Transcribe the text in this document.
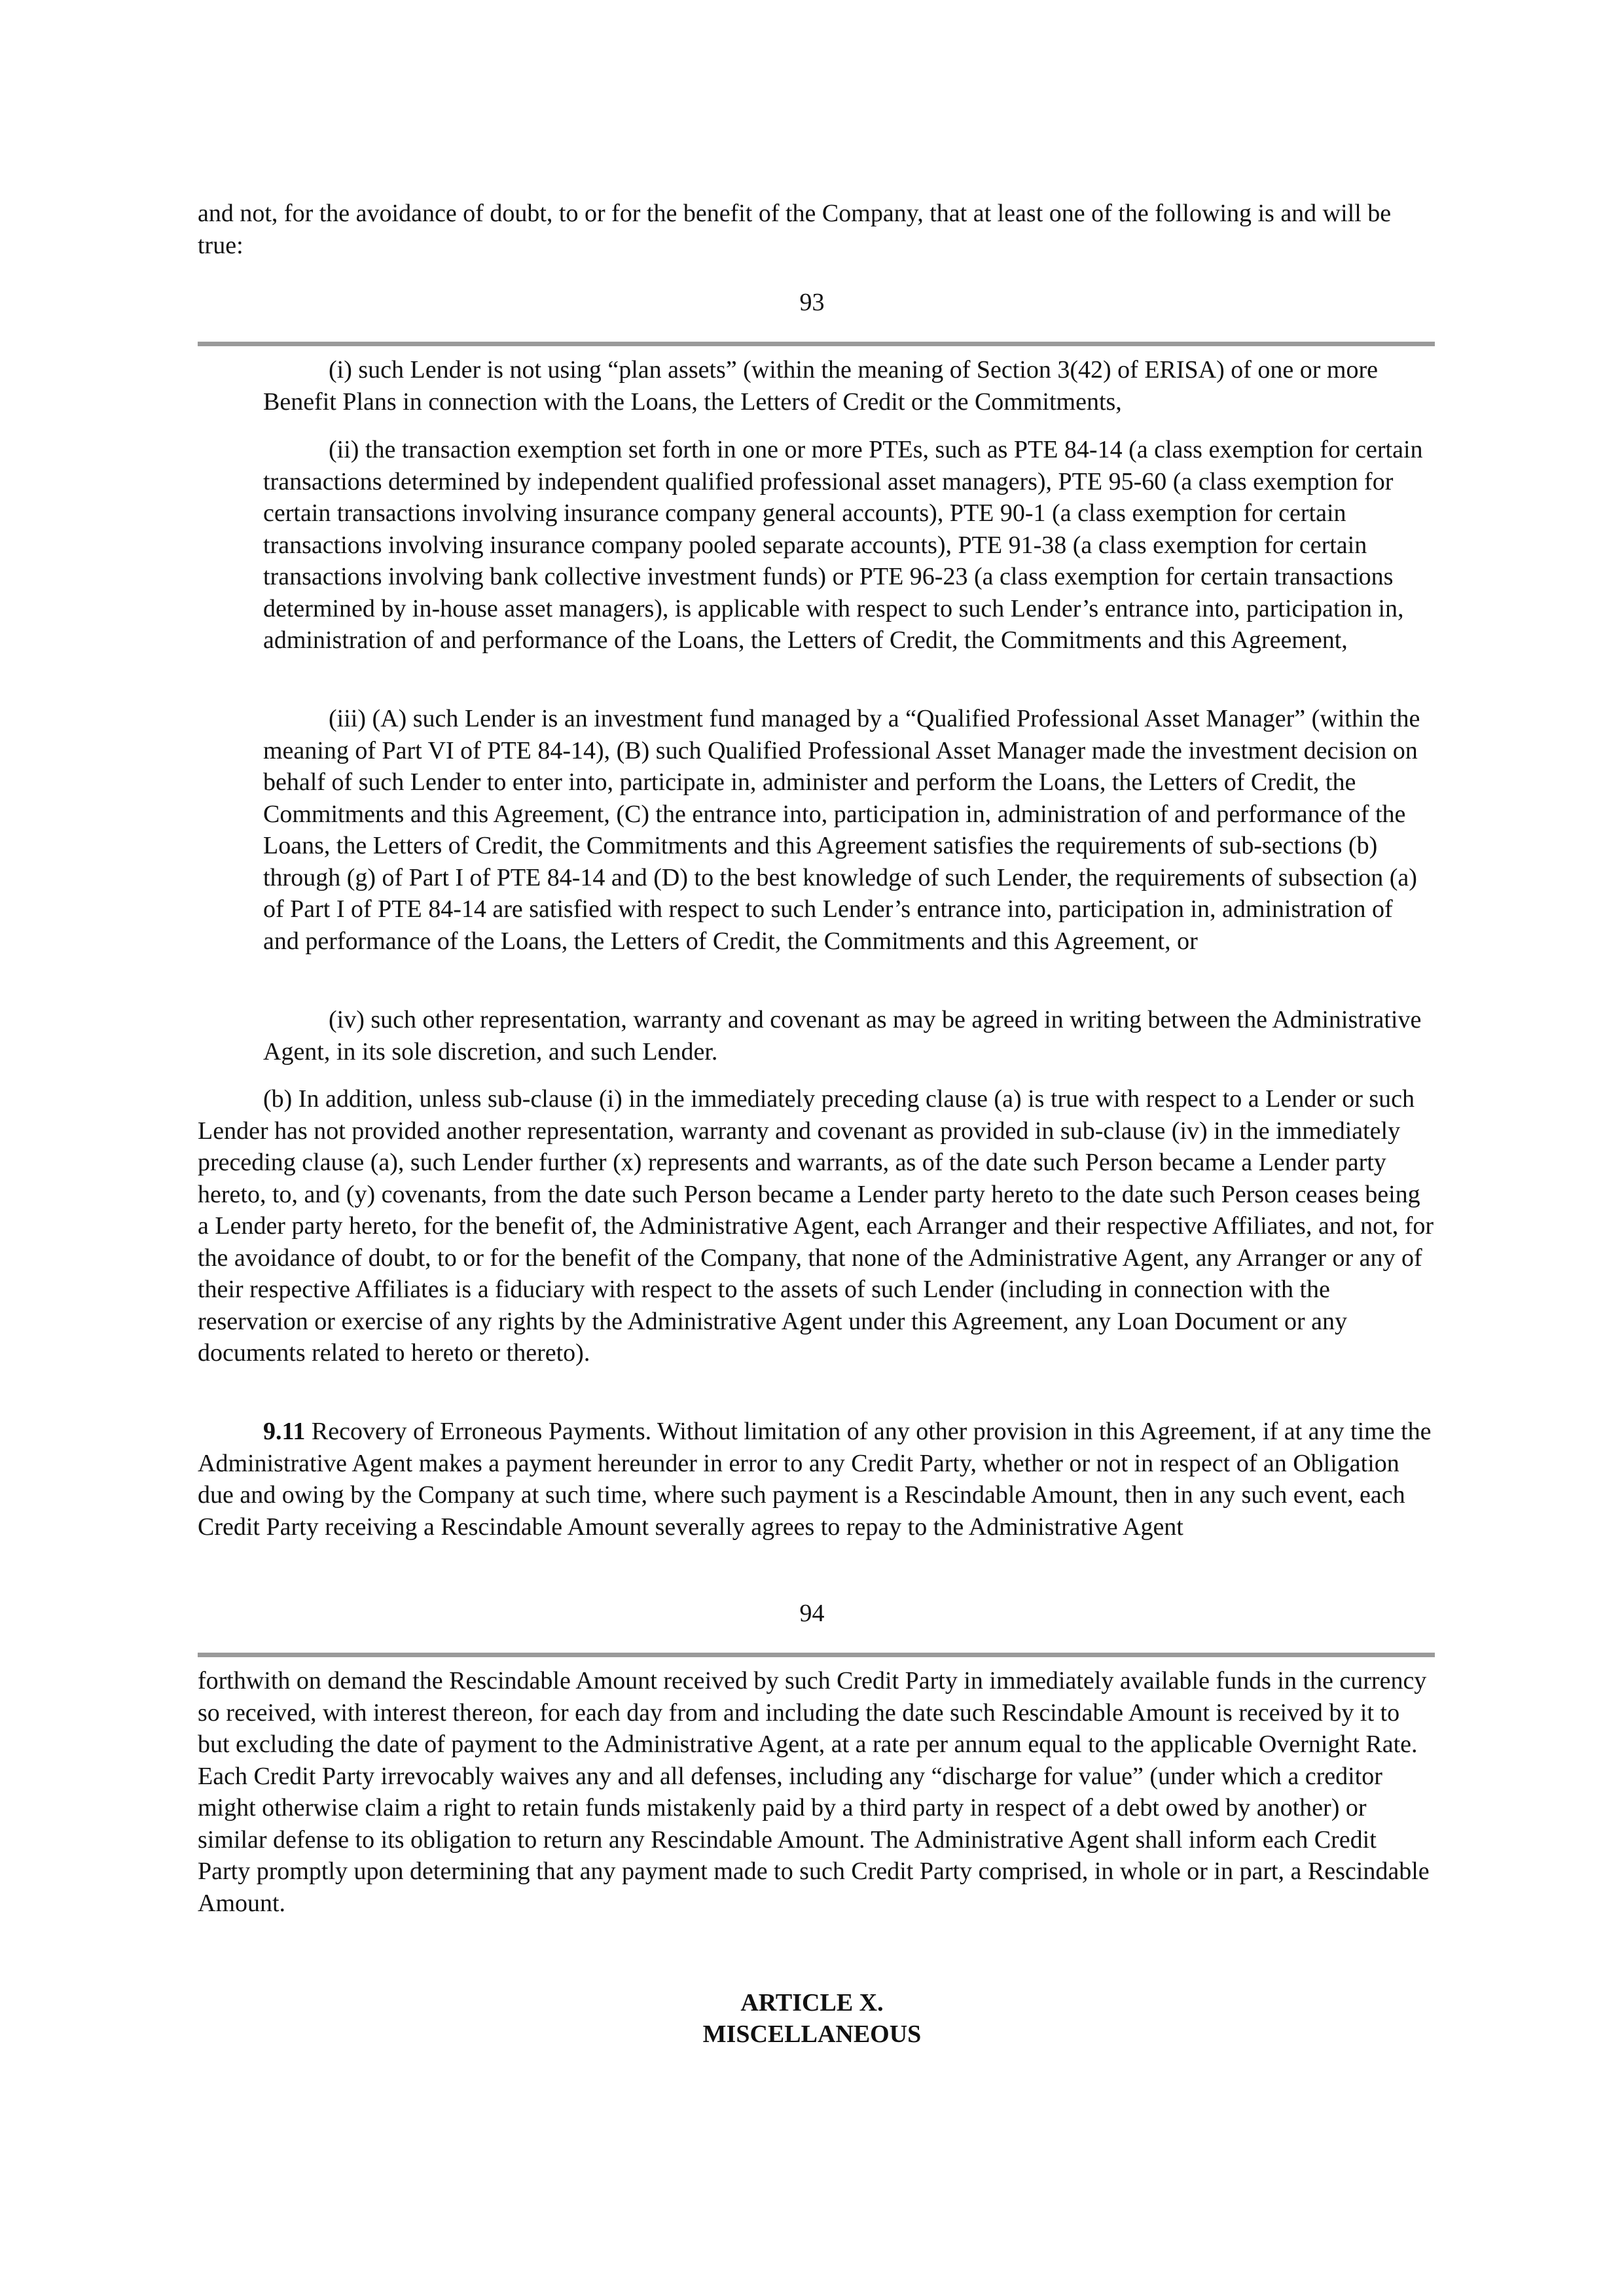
and not, for the avoidance of doubt, to or for the benefit of the Company, that at least one of the following is and will be true:

93

(i) such Lender is not using “plan assets” (within the meaning of Section 3(42) of ERISA) of one or more Benefit Plans in connection with the Loans, the Letters of Credit or the Commitments,

(ii) the transaction exemption set forth in one or more PTEs, such as PTE 84-14 (a class exemption for certain transactions determined by independent qualified professional asset managers), PTE 95-60 (a class exemption for certain transactions involving insurance company general accounts), PTE 90-1 (a class exemption for certain transactions involving insurance company pooled separate accounts), PTE 91-38 (a class exemption for certain transactions involving bank collective investment funds) or PTE 96-23 (a class exemption for certain transactions determined by in-house asset managers), is applicable with respect to such Lender’s entrance into, participation in, administration of and performance of the Loans, the Letters of Credit, the Commitments and this Agreement,

(iii) (A) such Lender is an investment fund managed by a “Qualified Professional Asset Manager” (within the meaning of Part VI of PTE 84-14), (B) such Qualified Professional Asset Manager made the investment decision on behalf of such Lender to enter into, participate in, administer and perform the Loans, the Letters of Credit, the Commitments and this Agreement, (C) the entrance into, participation in, administration of and performance of the Loans, the Letters of Credit, the Commitments and this Agreement satisfies the requirements of sub-sections (b) through (g) of Part I of PTE 84-14 and (D) to the best knowledge of such Lender, the requirements of subsection (a) of Part I of PTE 84-14 are satisfied with respect to such Lender’s entrance into, participation in, administration of and performance of the Loans, the Letters of Credit, the Commitments and this Agreement, or

(iv) such other representation, warranty and covenant as may be agreed in writing between the Administrative Agent, in its sole discretion, and such Lender.

(b) In addition, unless sub-clause (i) in the immediately preceding clause (a) is true with respect to a Lender or such Lender has not provided another representation, warranty and covenant as provided in sub-clause (iv) in the immediately preceding clause (a), such Lender further (x) represents and warrants, as of the date such Person became a Lender party hereto, to, and (y) covenants, from the date such Person became a Lender party hereto to the date such Person ceases being a Lender party hereto, for the benefit of, the Administrative Agent, each Arranger and their respective Affiliates, and not, for the avoidance of doubt, to or for the benefit of the Company, that none of the Administrative Agent, any Arranger or any of their respective Affiliates is a fiduciary with respect to the assets of such Lender (including in connection with the reservation or exercise of any rights by the Administrative Agent under this Agreement, any Loan Document or any documents related to hereto or thereto).

9.11 Recovery of Erroneous Payments. Without limitation of any other provision in this Agreement, if at any time the Administrative Agent makes a payment hereunder in error to any Credit Party, whether or not in respect of an Obligation due and owing by the Company at such time, where such payment is a Rescindable Amount, then in any such event, each Credit Party receiving a Rescindable Amount severally agrees to repay to the Administrative Agent

94

forthwith on demand the Rescindable Amount received by such Credit Party in immediately available funds in the currency so received, with interest thereon, for each day from and including the date such Rescindable Amount is received by it to but excluding the date of payment to the Administrative Agent, at a rate per annum equal to the applicable Overnight Rate. Each Credit Party irrevocably waives any and all defenses, including any “discharge for value” (under which a creditor might otherwise claim a right to retain funds mistakenly paid by a third party in respect of a debt owed by another) or similar defense to its obligation to return any Rescindable Amount. The Administrative Agent shall inform each Credit Party promptly upon determining that any payment made to such Credit Party comprised, in whole or in part, a Rescindable Amount.

ARTICLE X.
MISCELLANEOUS
